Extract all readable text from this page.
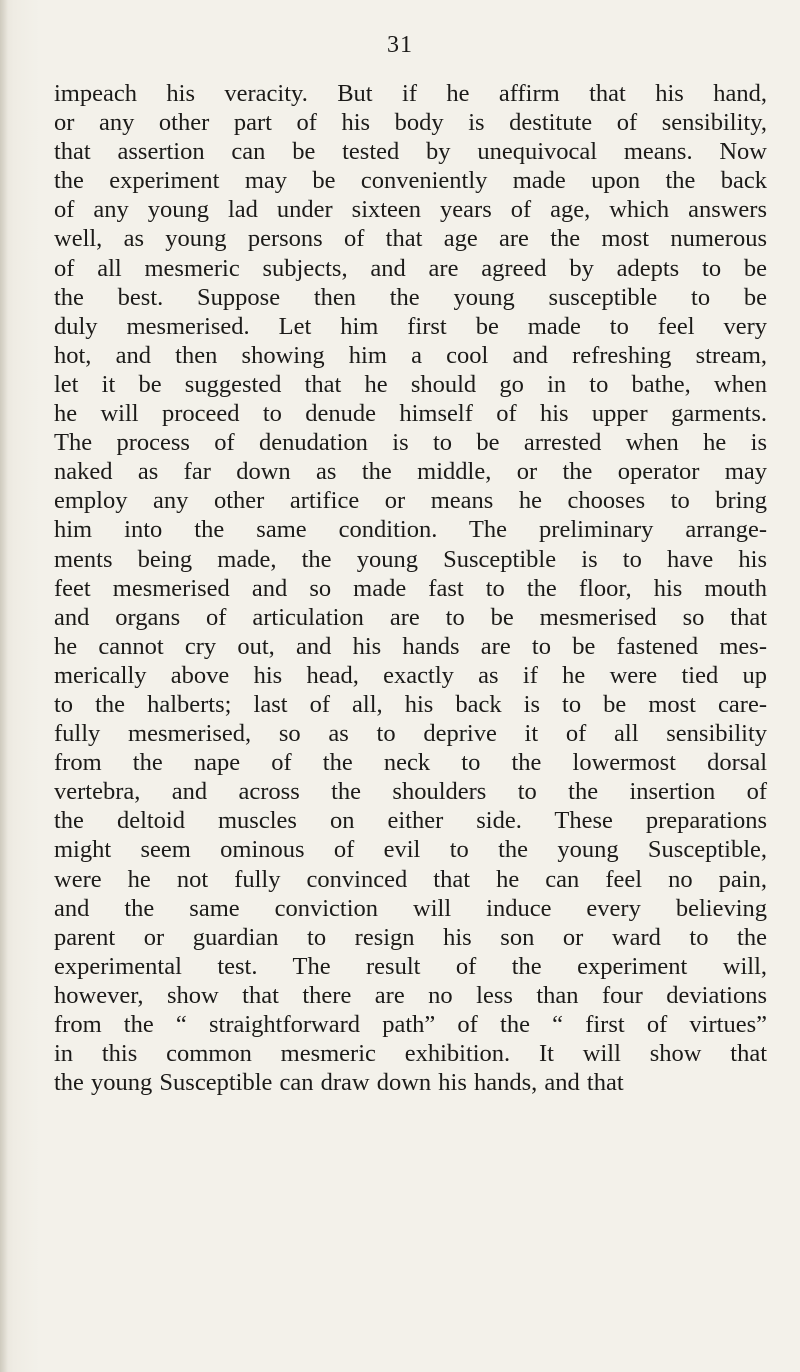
31
impeach his veracity. But if he affirm that his hand,
or any other part of his body is destitute of sensibility,
that assertion can be tested by unequivocal means. Now
the experiment may be conveniently made upon the back
of any young lad under sixteen years of age, which answers
well, as young persons of that age are the most numerous
of all mesmeric subjects, and are agreed by adepts to be
the best. Suppose then the young susceptible to be
duly mesmerised. Let him first be made to feel very
hot, and then showing him a cool and refreshing stream,
let it be suggested that he should go in to bathe, when
he will proceed to denude himself of his upper garments.
The process of denudation is to be arrested when he is
naked as far down as the middle, or the operator may
employ any other artifice or means he chooses to bring
him into the same condition. The preliminary arrange-
ments being made, the young Susceptible is to have his
feet mesmerised and so made fast to the floor, his mouth
and organs of articulation are to be mesmerised so that
he cannot cry out, and his hands are to be fastened mes-
merically above his head, exactly as if he were tied up
to the halberts; last of all, his back is to be most care-
fully mesmerised, so as to deprive it of all sensibility
from the nape of the neck to the lowermost dorsal
vertebra, and across the shoulders to the insertion of
the deltoid muscles on either side. These preparations
might seem ominous of evil to the young Susceptible,
were he not fully convinced that he can feel no pain,
and the same conviction will induce every believing
parent or guardian to resign his son or ward to the
experimental test. The result of the experiment will,
however, show that there are no less than four deviations
from the “ straightforward path” of the “ first of virtues”
in this common mesmeric exhibition. It will show that
the young Susceptible can draw down his hands, and that
